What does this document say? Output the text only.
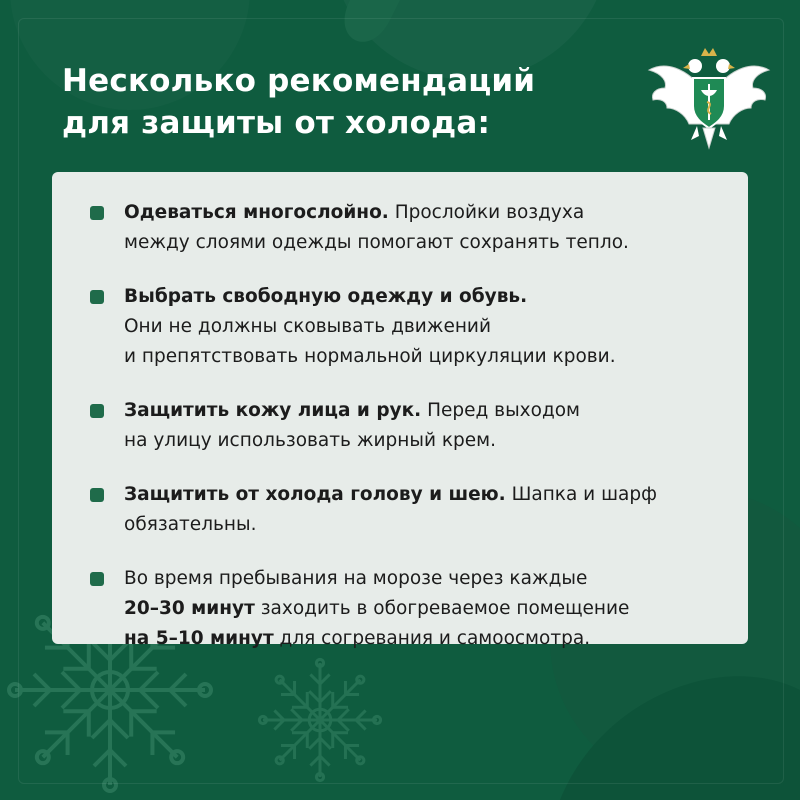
Несколько рекомендаций
для защиты от холода:

Одеваться многослойно. Прослойки воздуха

между слоями одежды помогают сохранять тепло.

Выбрать свободную одежду и обувь.

Они не должны сковывать движений

и препятствовать нормальной циркуляции крови.

Защитить кожу лица и рук. Перед выходом

на улицу использовать жирный крем.

Защитить от холода голову и шею. Шапка и шарф

обязательны.

Во время пребывания на морозе через каждые

20–30 минут заходить в обогреваемое помещение

на 5–10 минут для согревания и самоосмотра.
